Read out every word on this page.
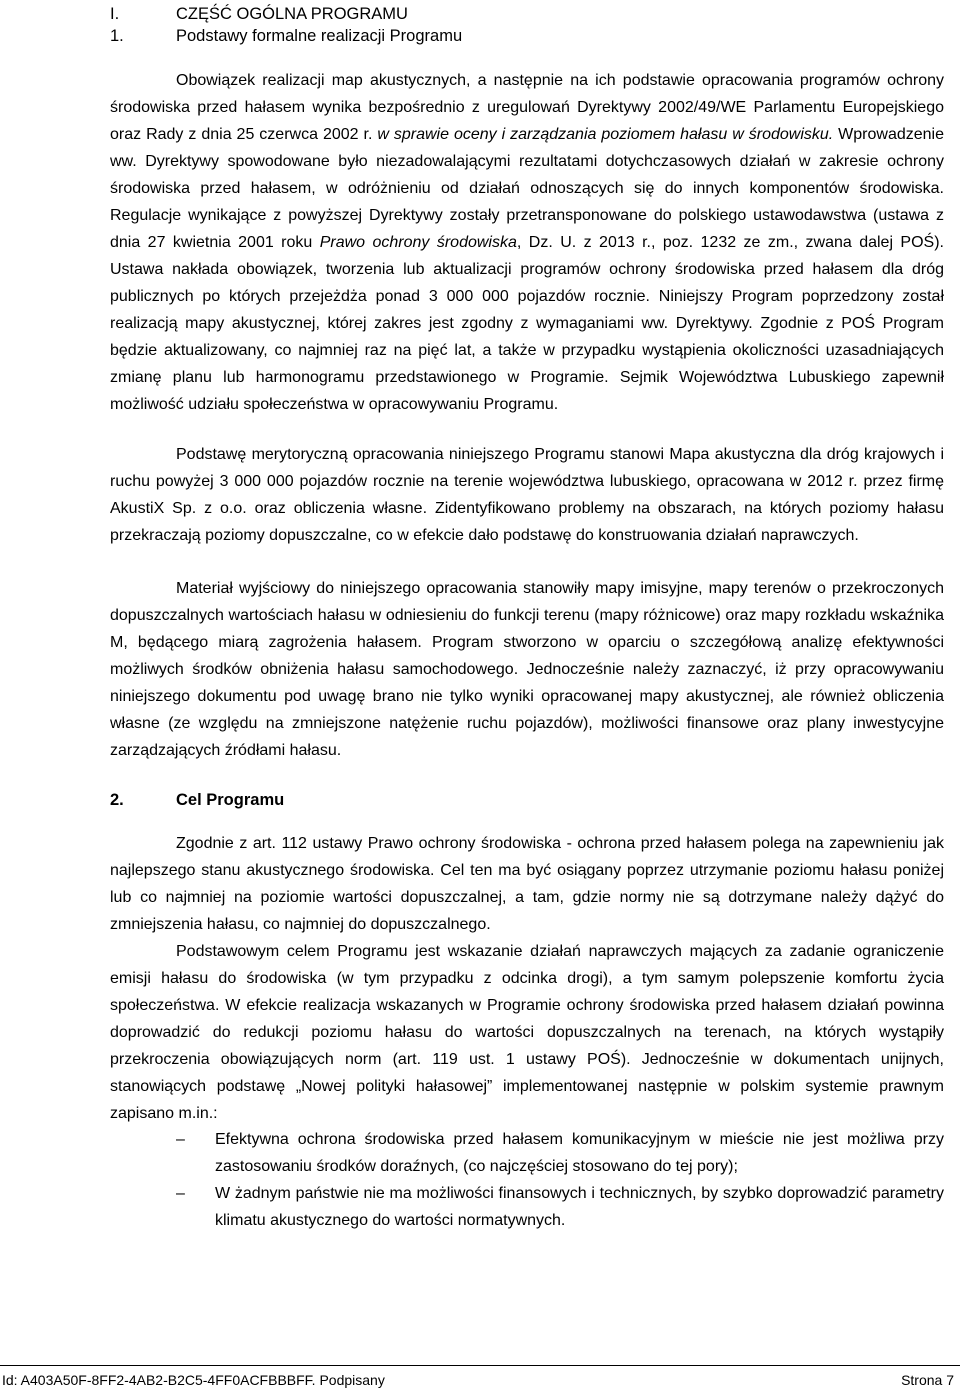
I.	CZĘŚĆ OGÓLNA PROGRAMU
1.	Podstawy formalne realizacji Programu

Obowiązek realizacji map akustycznych, a następnie na ich podstawie opracowania programów ochrony środowiska przed hałasem wynika bezpośrednio z uregulowań Dyrektywy 2002/49/WE Parlamentu Europejskiego oraz Rady z dnia 25 czerwca 2002 r. w sprawie oceny i zarządzania poziomem hałasu w środowisku. Wprowadzenie ww. Dyrektywy spowodowane było niezadowalającymi rezultatami dotychczasowych działań w zakresie ochrony środowiska przed hałasem, w odróżnieniu od działań odnoszących się do innych komponentów środowiska. Regulacje wynikające z powyższej Dyrektywy zostały przetransponowane do polskiego ustawodawstwa (ustawa z dnia 27 kwietnia 2001 roku Prawo ochrony środowiska, Dz. U. z 2013 r., poz. 1232 ze zm., zwana dalej POŚ). Ustawa nakłada obowiązek, tworzenia lub aktualizacji programów ochrony środowiska przed hałasem dla dróg publicznych po których przejeżdża ponad 3 000 000 pojazdów rocznie. Niniejszy Program poprzedzony został realizacją mapy akustycznej, której zakres jest zgodny z wymaganiami ww. Dyrektywy. Zgodnie z POŚ Program będzie aktualizowany, co najmniej raz na pięć lat, a także w przypadku wystąpienia okoliczności uzasadniających zmianę planu lub harmonogramu przedstawionego w Programie. Sejmik Województwa Lubuskiego zapewnił możliwość udziału społeczeństwa w opracowywaniu Programu.

Podstawę merytoryczną opracowania niniejszego Programu stanowi Mapa akustyczna dla dróg krajowych i ruchu powyżej 3 000 000 pojazdów rocznie na terenie województwa lubuskiego, opracowana w 2012 r. przez firmę AkustiX Sp. z o.o. oraz obliczenia własne. Zidentyfikowano problemy na obszarach, na których poziomy hałasu przekraczają poziomy dopuszczalne, co w efekcie dało podstawę do konstruowania działań naprawczych.

Materiał wyjściowy do niniejszego opracowania stanowiły mapy imisyjne, mapy terenów o przekroczonych dopuszczalnych wartościach hałasu w odniesieniu do funkcji terenu (mapy różnicowe) oraz mapy rozkładu wskaźnika M, będącego miarą zagrożenia hałasem. Program stworzono w oparciu o szczegółową analizę efektywności możliwych środków obniżenia hałasu samochodowego. Jednocześnie należy zaznaczyć, iż przy opracowywaniu niniejszego dokumentu pod uwagę brano nie tylko wyniki opracowanej mapy akustycznej, ale również obliczenia własne (ze względu na zmniejszone natężenie ruchu pojazdów), możliwości finansowe oraz plany inwestycyjne zarządzających źródłami hałasu.

2.	Cel Programu

Zgodnie z art. 112 ustawy Prawo ochrony środowiska - ochrona przed hałasem polega na zapewnieniu jak najlepszego stanu akustycznego środowiska. Cel ten ma być osiągany poprzez utrzymanie poziomu hałasu poniżej lub co najmniej na poziomie wartości dopuszczalnej, a tam, gdzie normy nie są dotrzymane należy dążyć do zmniejszenia hałasu, co najmniej do dopuszczalnego.

Podstawowym celem Programu jest wskazanie działań naprawczych mających za zadanie ograniczenie emisji hałasu do środowiska (w tym przypadku z odcinka drogi), a tym samym polepszenie komfortu życia społeczeństwa. W efekcie realizacja wskazanych w Programie ochrony środowiska przed hałasem działań powinna doprowadzić do redukcji poziomu hałasu do wartości dopuszczalnych na terenach, na których wystąpiły przekroczenia obowiązujących norm (art. 119 ust. 1 ustawy POŚ). Jednocześnie w dokumentach unijnych, stanowiących podstawę „Nowej polityki hałasowej” implementowanej następnie w polskim systemie prawnym zapisano m.in.:

– Efektywna ochrona środowiska przed hałasem komunikacyjnym w mieście nie jest możliwa przy zastosowaniu środków doraźnych, (co najczęściej stosowano do tej pory);
– W żadnym państwie nie ma możliwości finansowych i technicznych, by szybko doprowadzić parametry klimatu akustycznego do wartości normatywnych.
Id: A403A50F-8FF2-4AB2-B2C5-4FF0ACFBBBFF. Podpisany	Strona 7
